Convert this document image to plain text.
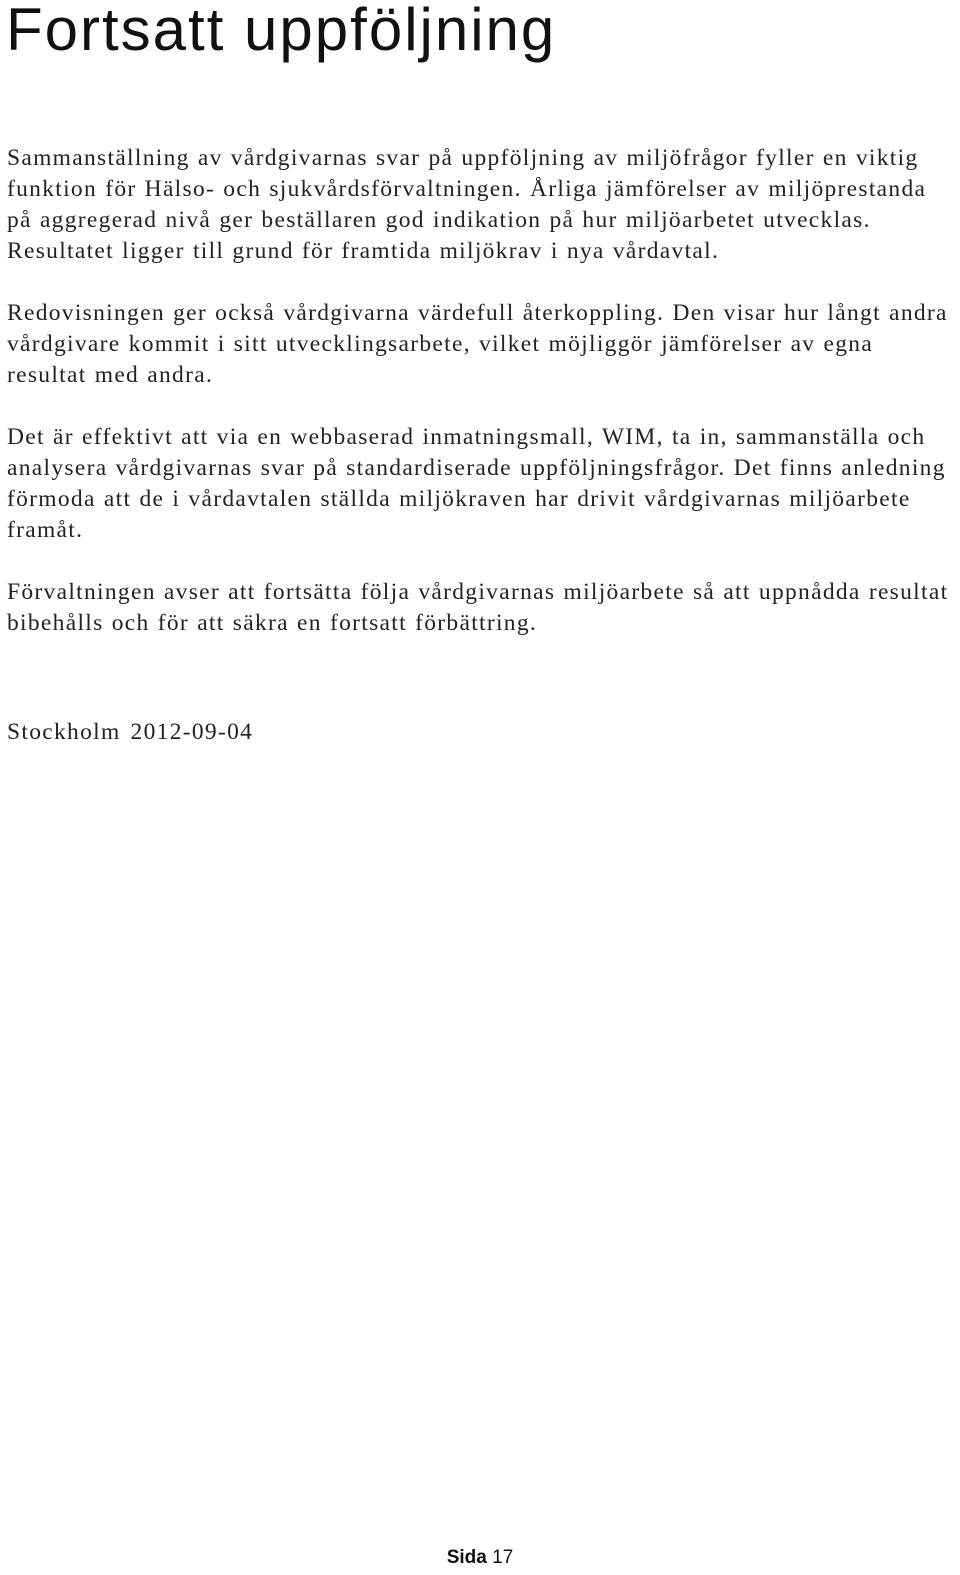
Fortsatt uppföljning

Sammanställning av vårdgivarnas svar på uppföljning av miljöfrågor fyller en viktig funktion för Hälso- och sjukvårdsförvaltningen. Årliga jämförelser av miljöprestanda på aggregerad nivå ger beställaren god indikation på hur miljöarbetet utvecklas. Resultatet ligger till grund för framtida miljökrav i nya vårdavtal.

Redovisningen ger också vårdgivarna värdefull återkoppling. Den visar hur långt andra vårdgivare kommit i sitt utvecklingsarbete, vilket möjliggör jämförelser av egna resultat med andra.

Det är effektivt att via en webbaserad inmatningsmall, WIM, ta in, sammanställa och analysera vårdgivarnas svar på standardiserade uppföljningsfrågor. Det finns anledning förmoda att de i vårdavtalen ställda miljökraven har drivit vårdgivarnas miljöarbete framåt.

Förvaltningen avser att fortsätta följa vårdgivarnas miljöarbete så att uppnådda resultat bibehålls och för att säkra en fortsatt förbättring.

Stockholm 2012-09-04
Sida 17
